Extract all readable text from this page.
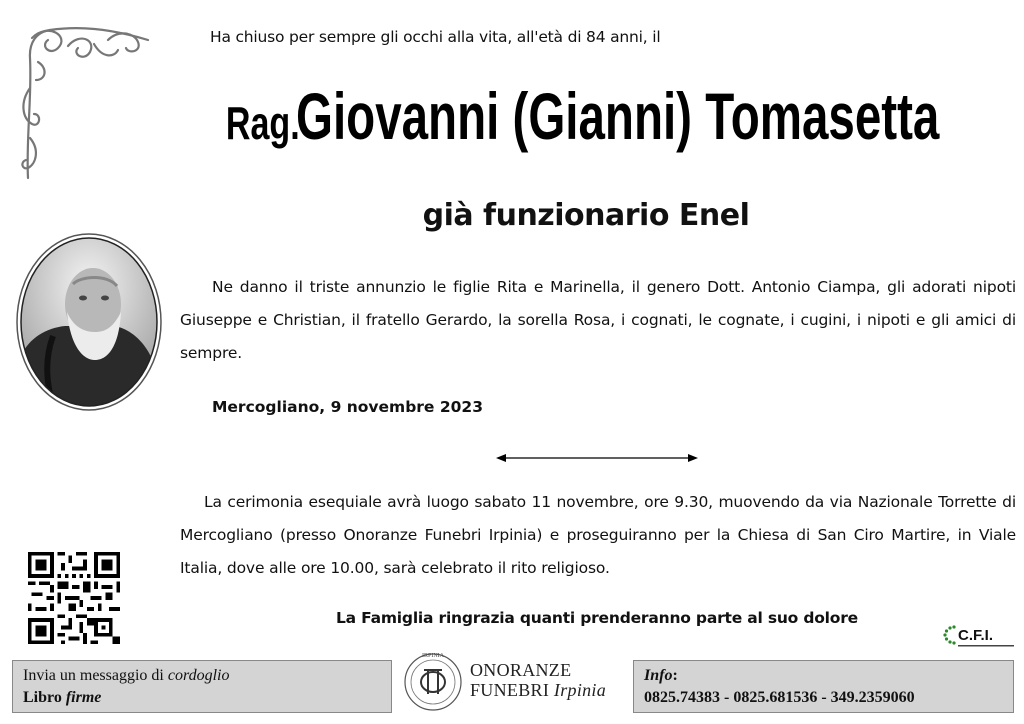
Ha chiuso per sempre gli occhi alla vita, all'età di 84 anni, il
Rag. Giovanni (Gianni) Tomasetta
già funzionario Enel
Ne danno il triste annunzio le figlie Rita e Marinella, il genero Dott. Antonio Ciampa, gli adorati nipoti Giuseppe e Christian, il fratello Gerardo, la sorella Rosa, i cognati, le cognate, i cugini, i nipoti e gli amici di sempre.
Mercogliano, 9 novembre 2023
La cerimonia esequiale avrà luogo sabato 11 novembre, ore 9.30, muovendo da via Nazionale Torrette di Mercogliano (presso Onoranze Funebri Irpinia) e proseguiranno per la Chiesa di San Ciro Martire, in Viale Italia, dove alle ore 10.00, sarà celebrato il rito religioso.
La Famiglia ringrazia quanti prenderanno parte al suo dolore
C.F.I.
Invia un messaggio di cordoglio
Libro firme
IRPINIA
ONORANZE
FUNEBRI Irpinia
Info:
0825.74383 - 0825.681536 - 349.2359060
